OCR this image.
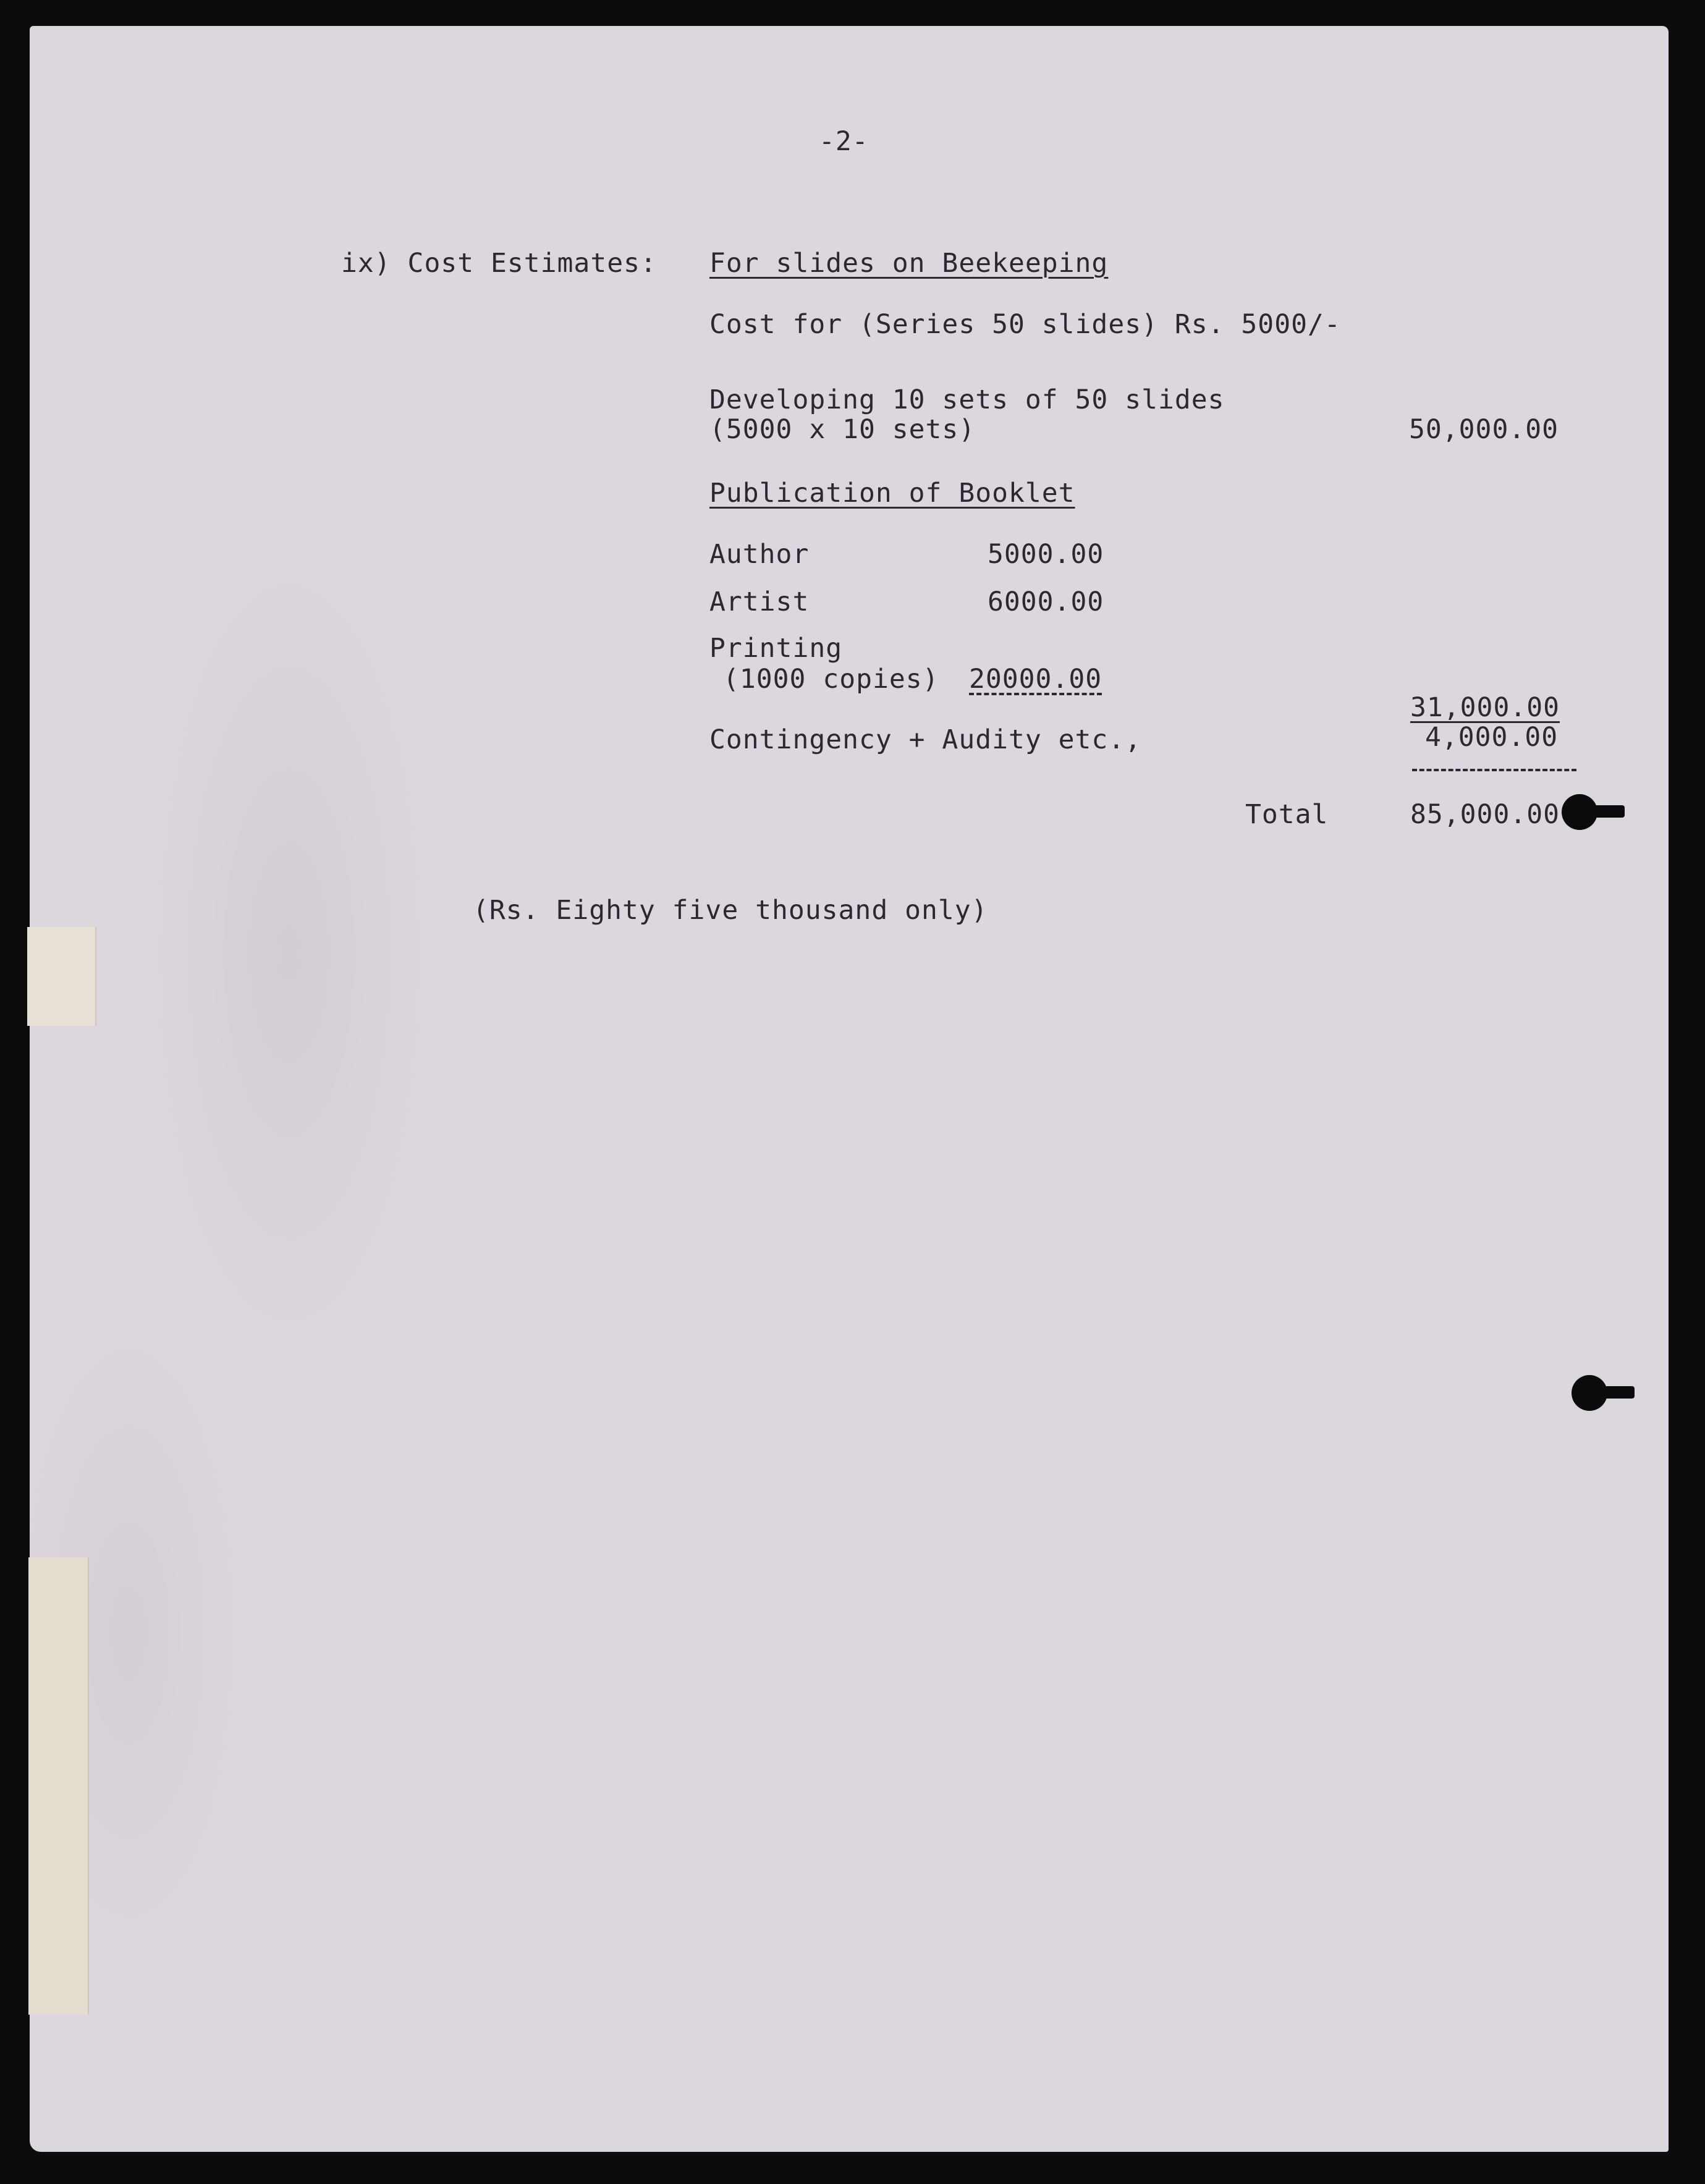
-2-
ix) Cost Estimates: For slides on Beekeeping
Cost for (Series 50 slides) Rs. 5000/-
Developing 10 sets of 50 slides
(5000 x 10 sets)	50,000.00
Publication of Booklet
Author	5000.00
Artist	6000.00
Printing
(1000 copies) 20000.00
31,000.00
Contingency + Audity etc.,	4,000.00
Total	85,000.00
(Rs. Eighty five thousand only)
